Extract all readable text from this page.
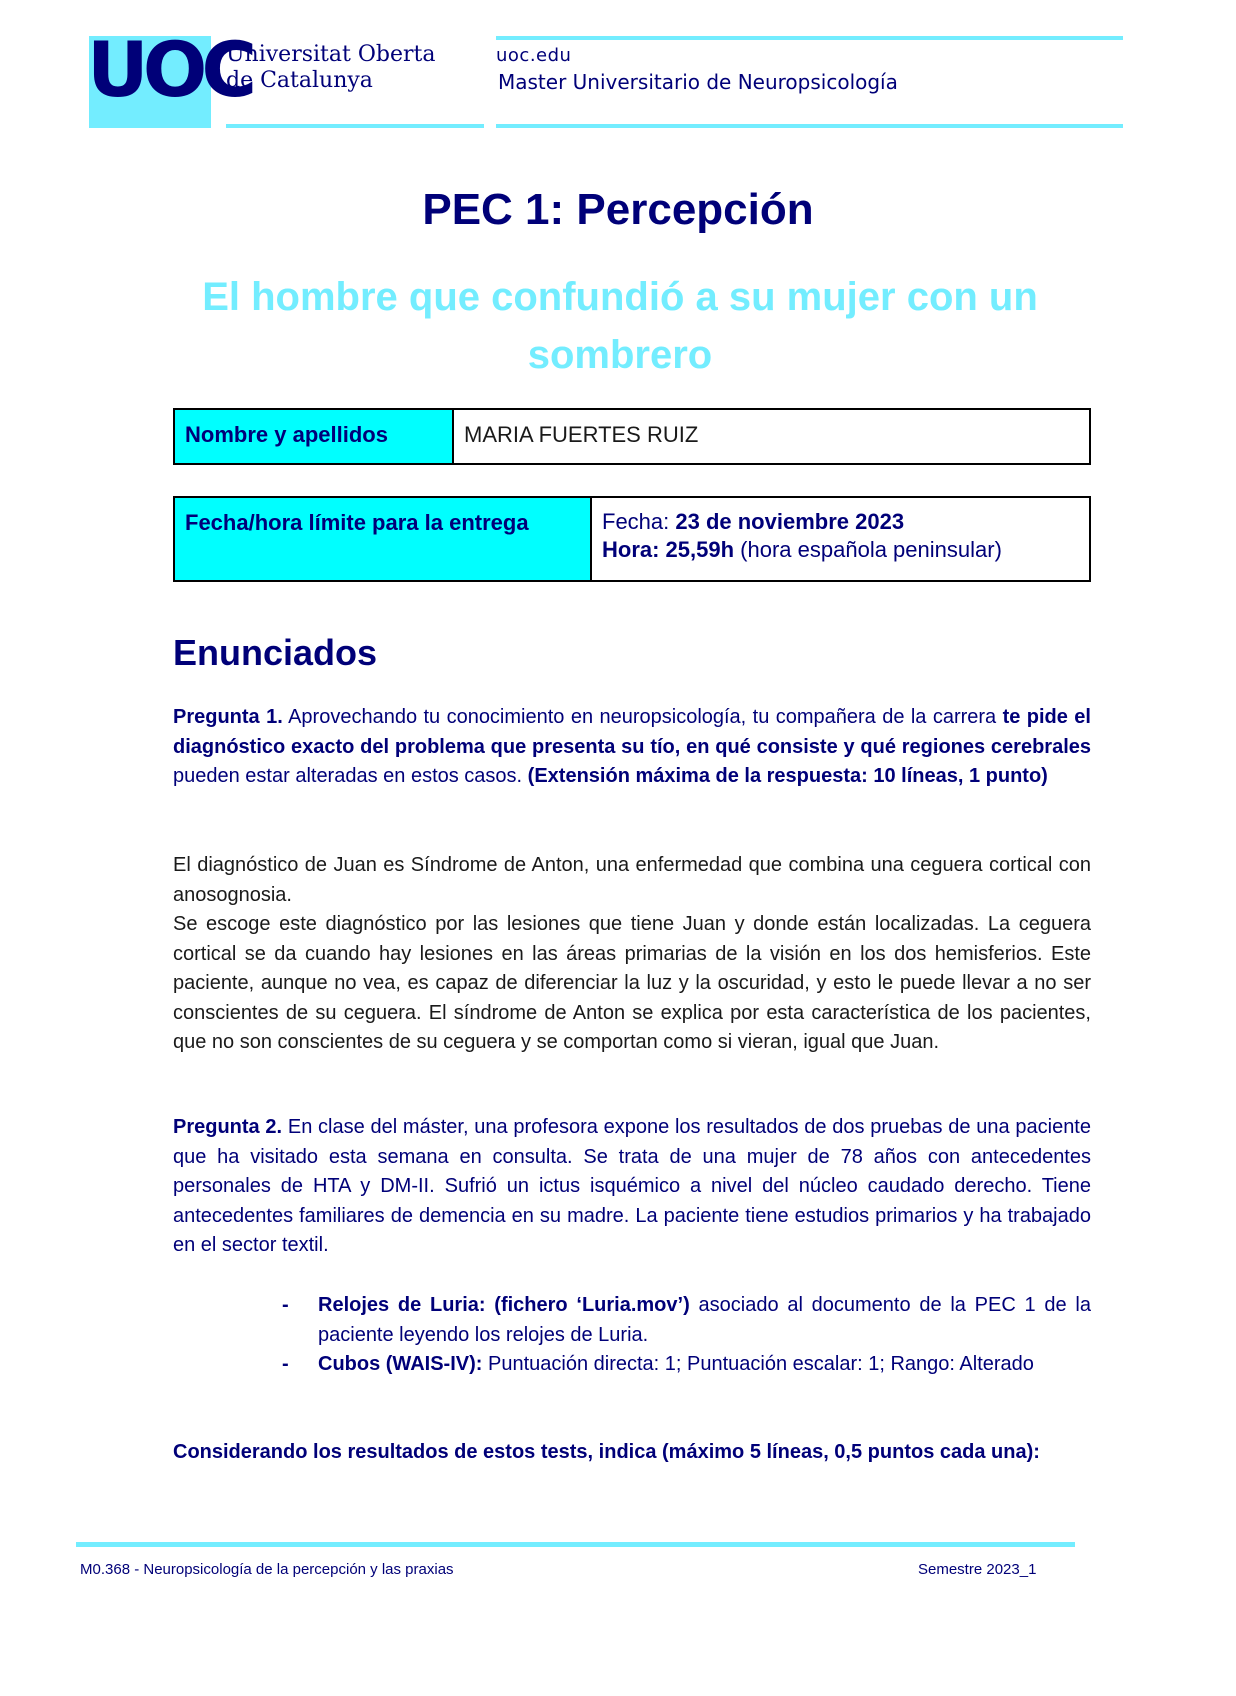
UOC
Universitat Oberta
de Catalunya
uoc.edu
Master Universitario de Neuropsicología
PEC 1: Percepción
El hombre que confundió a su mujer con un sombrero
Nombre y apellidos	MARIA FUERTES RUIZ
Fecha/hora límite para la entrega	Fecha: 23 de noviembre 2023
Hora: 25,59h (hora española peninsular)
Enunciados
Pregunta 1. Aprovechando tu conocimiento en neuropsicología, tu compañera de la carrera te pide el diagnóstico exacto del problema que presenta su tío, en qué consiste y qué regiones cerebrales pueden estar alteradas en estos casos. (Extensión máxima de la respuesta: 10 líneas, 1 punto)

El diagnóstico de Juan es Síndrome de Anton, una enfermedad que combina una ceguera cortical con anosognosia.

Se escoge este diagnóstico por las lesiones que tiene Juan y donde están localizadas. La ceguera cortical se da cuando hay lesiones en las áreas primarias de la visión en los dos hemisferios. Este paciente, aunque no vea, es capaz de diferenciar la luz y la oscuridad, y esto le puede llevar a no ser conscientes de su ceguera. El síndrome de Anton se explica por esta característica de los pacientes, que no son conscientes de su ceguera y se comportan como si vieran, igual que Juan.

Pregunta 2. En clase del máster, una profesora expone los resultados de dos pruebas de una paciente que ha visitado esta semana en consulta. Se trata de una mujer de 78 años con antecedentes personales de HTA y DM-II. Sufrió un ictus isquémico a nivel del núcleo caudado derecho. Tiene antecedentes familiares de demencia en su madre. La paciente tiene estudios primarios y ha trabajado en el sector textil.
- Relojes de Luria: (fichero ‘Luria.mov’) asociado al documento de la PEC 1 de la paciente leyendo los relojes de Luria.
- Cubos (WAIS-IV): Puntuación directa: 1; Puntuación escalar: 1; Rango: Alterado
Considerando los resultados de estos tests, indica (máximo 5 líneas, 0,5 puntos cada una):
M0.368 - Neuropsicología de la percepción y las praxias	Semestre 2023_1
